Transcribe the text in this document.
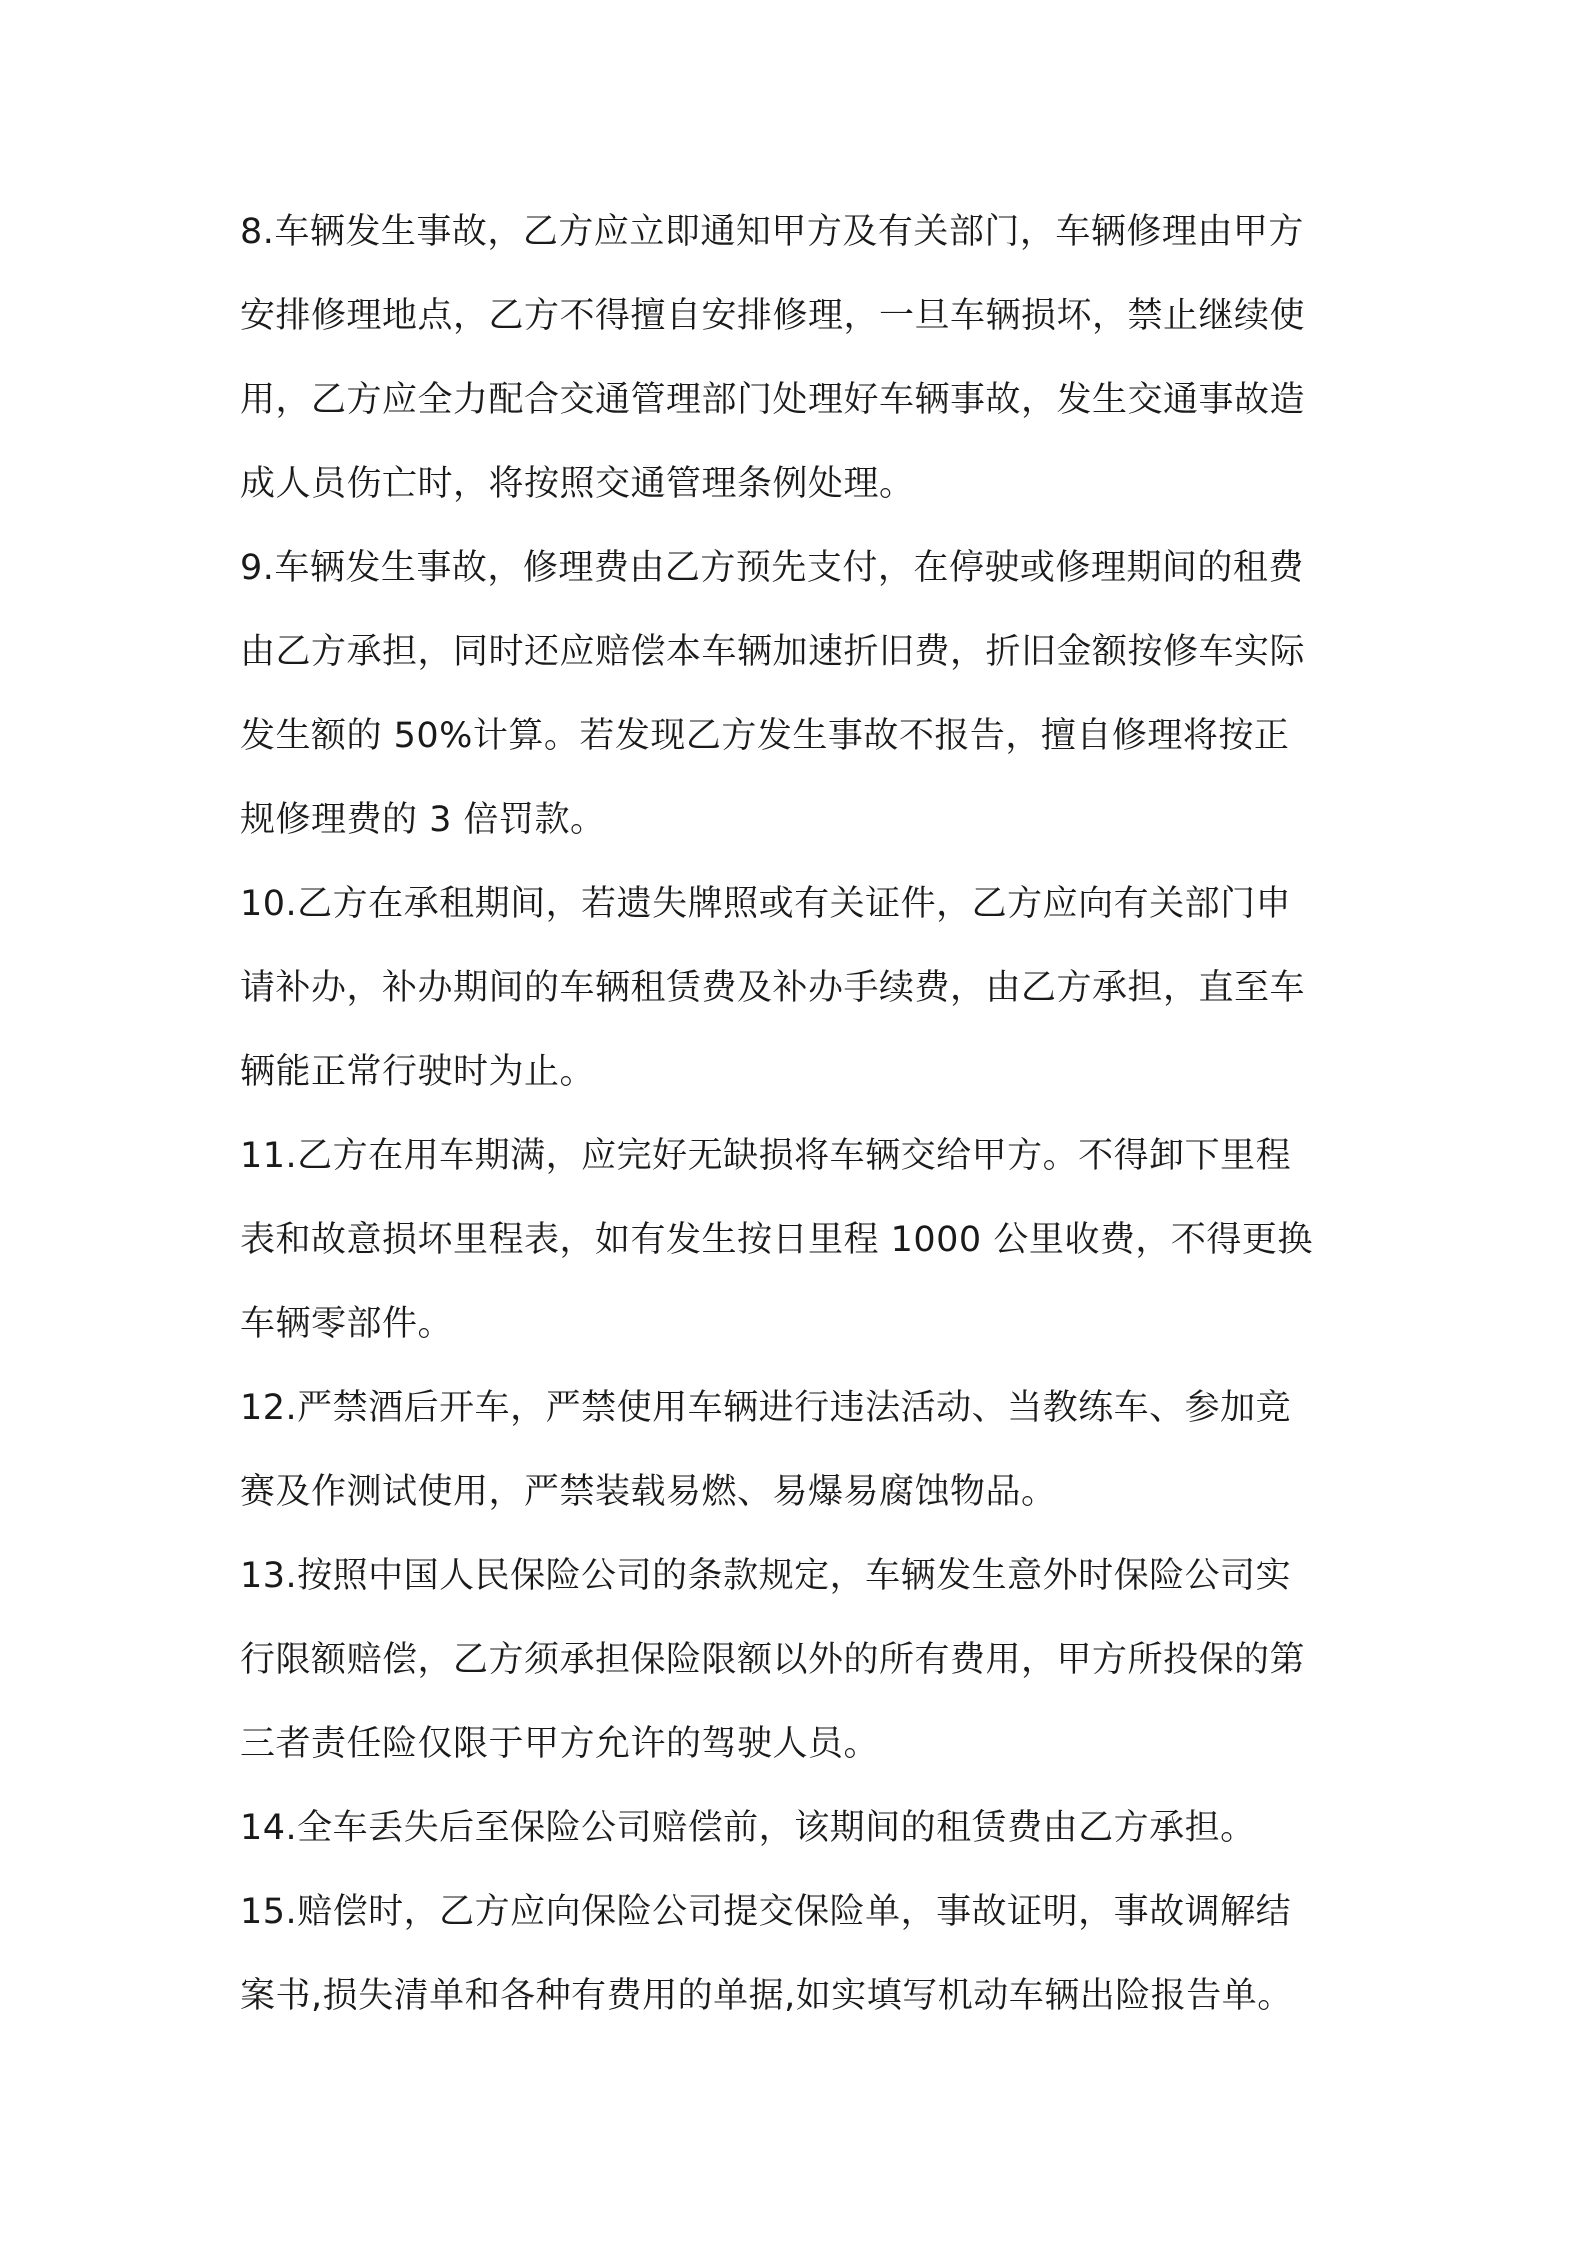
8.车辆发生事故，乙方应立即通知甲方及有关部门，车辆修理由甲方

安排修理地点，乙方不得擅自安排修理，一旦车辆损坏，禁止继续使

用，乙方应全力配合交通管理部门处理好车辆事故，发生交通事故造

成人员伤亡时，将按照交通管理条例处理。

9.车辆发生事故，修理费由乙方预先支付，在停驶或修理期间的租费

由乙方承担，同时还应赔偿本车辆加速折旧费，折旧金额按修车实际

发生额的 50%计算。若发现乙方发生事故不报告，擅自修理将按正

规修理费的 3 倍罚款。

10.乙方在承租期间，若遗失牌照或有关证件，乙方应向有关部门申

请补办，补办期间的车辆租赁费及补办手续费，由乙方承担，直至车

辆能正常行驶时为止。

11.乙方在用车期满，应完好无缺损将车辆交给甲方。不得卸下里程

表和故意损坏里程表，如有发生按日里程 1000 公里收费，不得更换

车辆零部件。

12.严禁酒后开车，严禁使用车辆进行违法活动、当教练车、参加竞

赛及作测试使用，严禁装载易燃、易爆易腐蚀物品。

13.按照中国人民保险公司的条款规定，车辆发生意外时保险公司实

行限额赔偿，乙方须承担保险限额以外的所有费用，甲方所投保的第

三者责任险仅限于甲方允许的驾驶人员。

14.全车丢失后至保险公司赔偿前，该期间的租赁费由乙方承担。

15.赔偿时，乙方应向保险公司提交保险单，事故证明，事故调解结

案书,损失清单和各种有费用的单据,如实填写机动车辆出险报告单。
